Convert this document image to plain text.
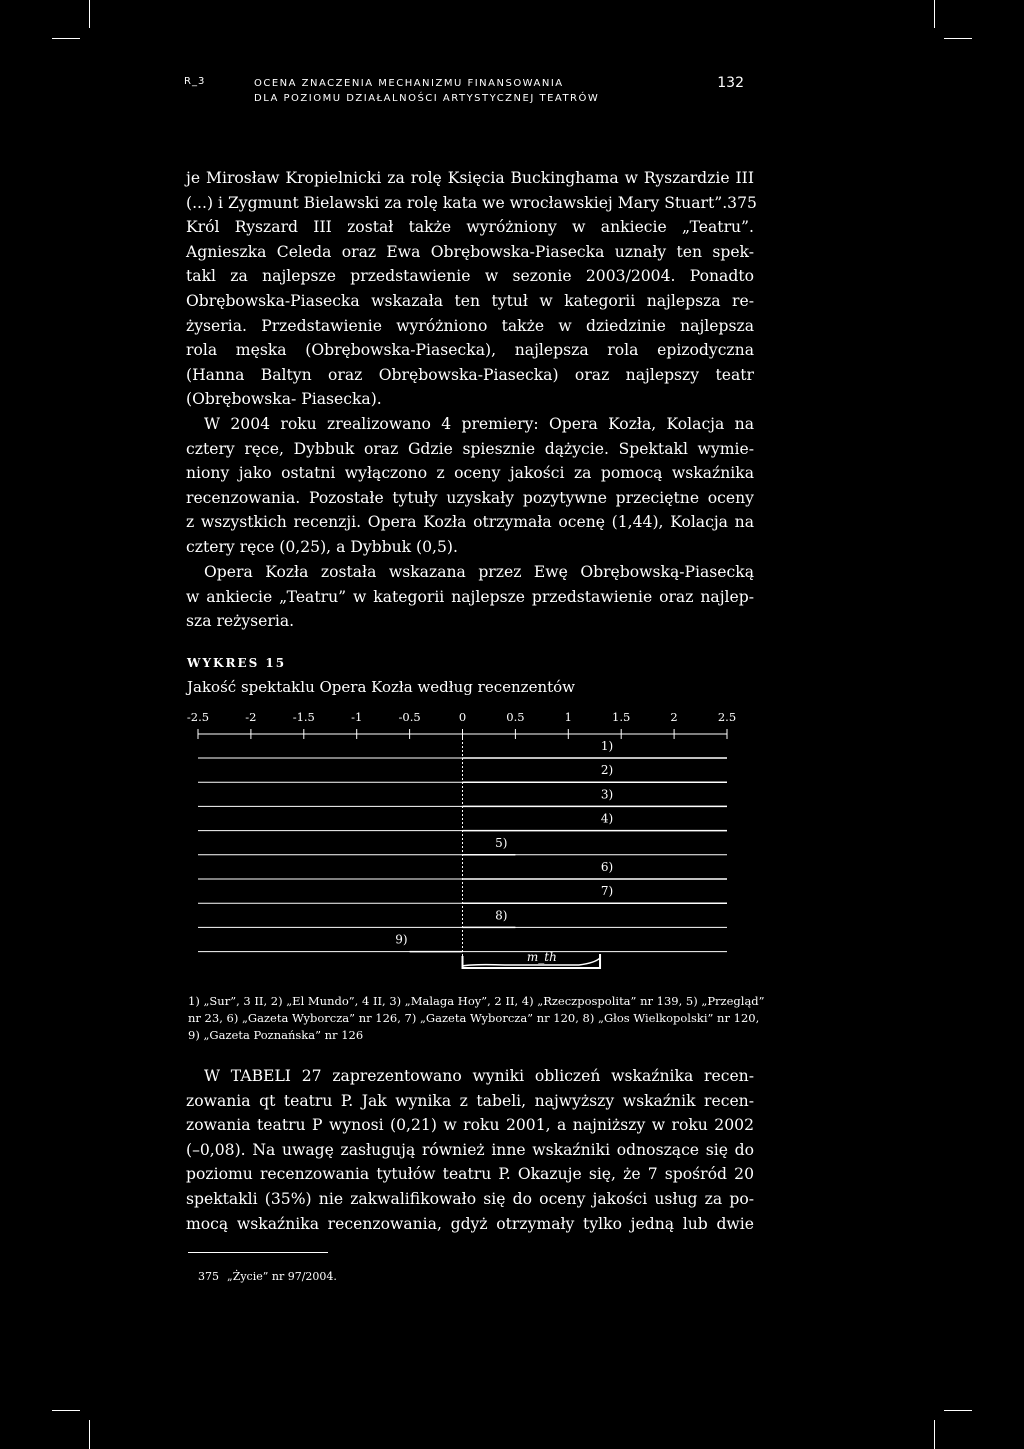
R_3	OCENA ZNACZENIA MECHANIZMU FINANSOWANIA
DLA POZIOMU DZIAŁALNOŚCI ARTYSTYCZNEJ TEATRÓW
132
je Mirosław Kropielnicki za rolę Księcia Buckinghama w Ryszardzie III
(...) i Zygmunt Bielawski za rolę kata we wrocławskiej Mary Stuart”.375
Król Ryszard III został także wyróżniony w ankiecie „Teatru”.
Agnieszka Celeda oraz Ewa Obrębowska-Piasecka uznały ten spek-
takl za najlepsze przedstawienie w sezonie 2003/2004. Ponadto
Obrębowska-Piasecka wskazała ten tytuł w kategorii najlepsza re-
żyseria. Przedstawienie wyróżniono także w dziedzinie najlepsza
rola męska (Obrębowska-Piasecka), najlepsza rola epizodyczna
(Hanna Baltyn oraz Obrębowska-Piasecka) oraz najlepszy teatr
(Obrębowska- Piasecka).
W 2004 roku zrealizowano 4 premiery: Opera Kozła, Kolacja na
cztery ręce, Dybbuk oraz Gdzie spiesznie dążycie. Spektakl wymie-
niony jako ostatni wyłączono z oceny jakości za pomocą wskaźnika
recenzowania. Pozostałe tytuły uzyskały pozytywne przeciętne oceny
z wszystkich recenzji. Opera Kozła otrzymała ocenę (1,44), Kolacja na
cztery ręce (0,25), a Dybbuk (0,5).
Opera Kozła została wskazana przez Ewę Obrębowską-Piasecką
w ankiecie „Teatru” w kategorii najlepsze przedstawienie oraz najlep-
sza reżyseria.
WYKRES 15
Jakość spektaklu Opera Kozła według recenzentów
-2.5	-2	-1.5	-1	-0.5	0	0.5	1	1.5	2	2.5
1)
2)
3)
4)
5)
6)
7)
8)
9)
m_th
1) „Sur”, 3 II, 2) „El Mundo”, 4 II, 3) „Malaga Hoy”, 2 II, 4) „Rzeczpospolita” nr 139, 5) „Przegląd”
nr 23, 6) „Gazeta Wyborcza” nr 126, 7) „Gazeta Wyborcza” nr 120, 8) „Głos Wielkopolski” nr 120,
9) „Gazeta Poznańska” nr 126
W TABELI 27 zaprezentowano wyniki obliczeń wskaźnika recen-
zowania qt teatru P. Jak wynika z tabeli, najwyższy wskaźnik recen-
zowania teatru P wynosi (0,21) w roku 2001, a najniższy w roku 2002
(–0,08). Na uwagę zasługują również inne wskaźniki odnoszące się do
poziomu recenzowania tytułów teatru P. Okazuje się, że 7 spośród 20
spektakli (35%) nie zakwalifikowało się do oceny jakości usług za po-
mocą wskaźnika recenzowania, gdyż otrzymały tylko jedną lub dwie
375 „Życie” nr 97/2004.
